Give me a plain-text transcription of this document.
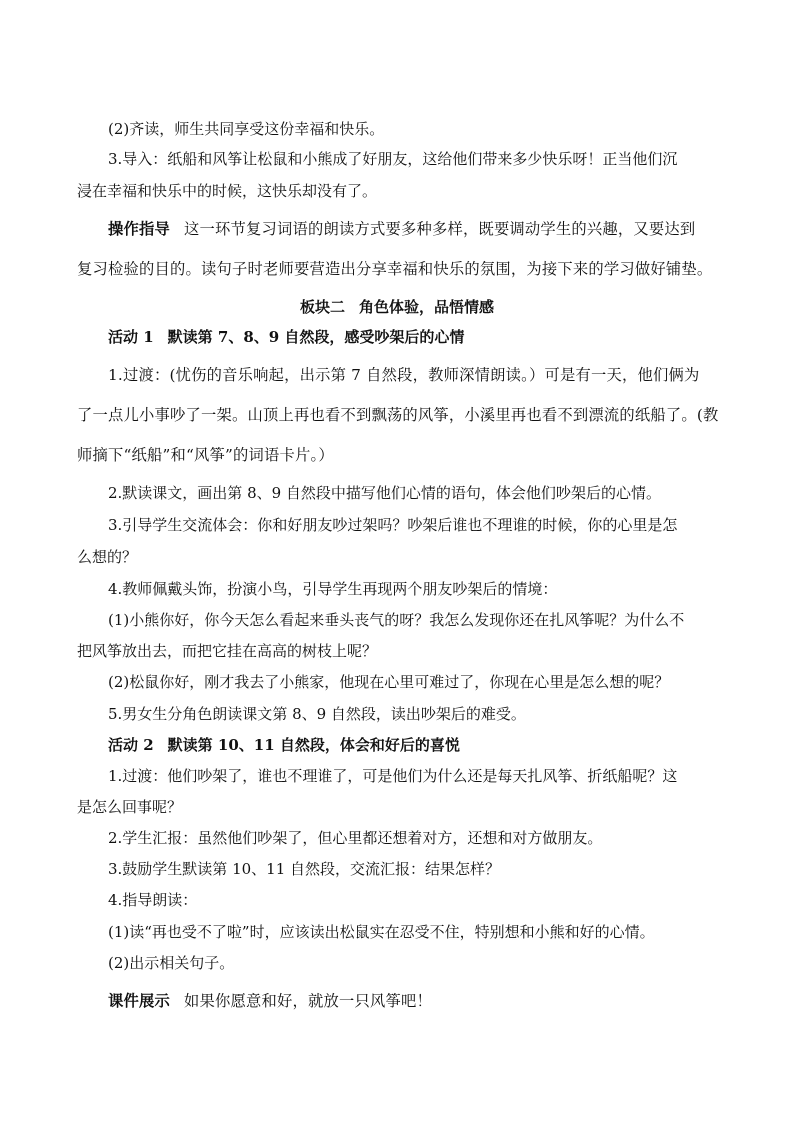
(2)齐读，师生共同享受这份幸福和快乐。
3.导入：纸船和风筝让松鼠和小熊成了好朋友，这给他们带来多少快乐呀！正当他们沉
浸在幸福和快乐中的时候，这快乐却没有了。
操作指导 这一环节复习词语的朗读方式要多种多样，既要调动学生的兴趣，又要达到
复习检验的目的。读句子时老师要营造出分享幸福和快乐的氛围，为接下来的学习做好铺垫。
板块二 角色体验，品悟情感
活动 1 默读第 7、8、9 自然段，感受吵架后的心情
1.过渡：(忧伤的音乐响起，出示第 7 自然段，教师深情朗读。）可是有一天，他们俩为
了一点儿小事吵了一架。山顶上再也看不到飘荡的风筝，小溪里再也看不到漂流的纸船了。(教
师摘下“纸船”和“风筝”的词语卡片。）
2.默读课文，画出第 8、9 自然段中描写他们心情的语句，体会他们吵架后的心情。
3.引导学生交流体会：你和好朋友吵过架吗？吵架后谁也不理谁的时候，你的心里是怎
么想的？
4.教师佩戴头饰，扮演小鸟，引导学生再现两个朋友吵架后的情境：
(1)小熊你好，你今天怎么看起来垂头丧气的呀？我怎么发现你还在扎风筝呢？为什么不
把风筝放出去，而把它挂在高高的树枝上呢？
(2)松鼠你好，刚才我去了小熊家，他现在心里可难过了，你现在心里是怎么想的呢？
5.男女生分角色朗读课文第 8、9 自然段，读出吵架后的难受。
活动 2 默读第 10、11 自然段，体会和好后的喜悦
1.过渡：他们吵架了，谁也不理谁了，可是他们为什么还是每天扎风筝、折纸船呢？这
是怎么回事呢？
2.学生汇报：虽然他们吵架了，但心里都还想着对方，还想和对方做朋友。
3.鼓励学生默读第 10、11 自然段，交流汇报：结果怎样？
4.指导朗读：
(1)读“再也受不了啦”时，应该读出松鼠实在忍受不住，特别想和小熊和好的心情。
(2)出示相关句子。
课件展示 如果你愿意和好，就放一只风筝吧！
